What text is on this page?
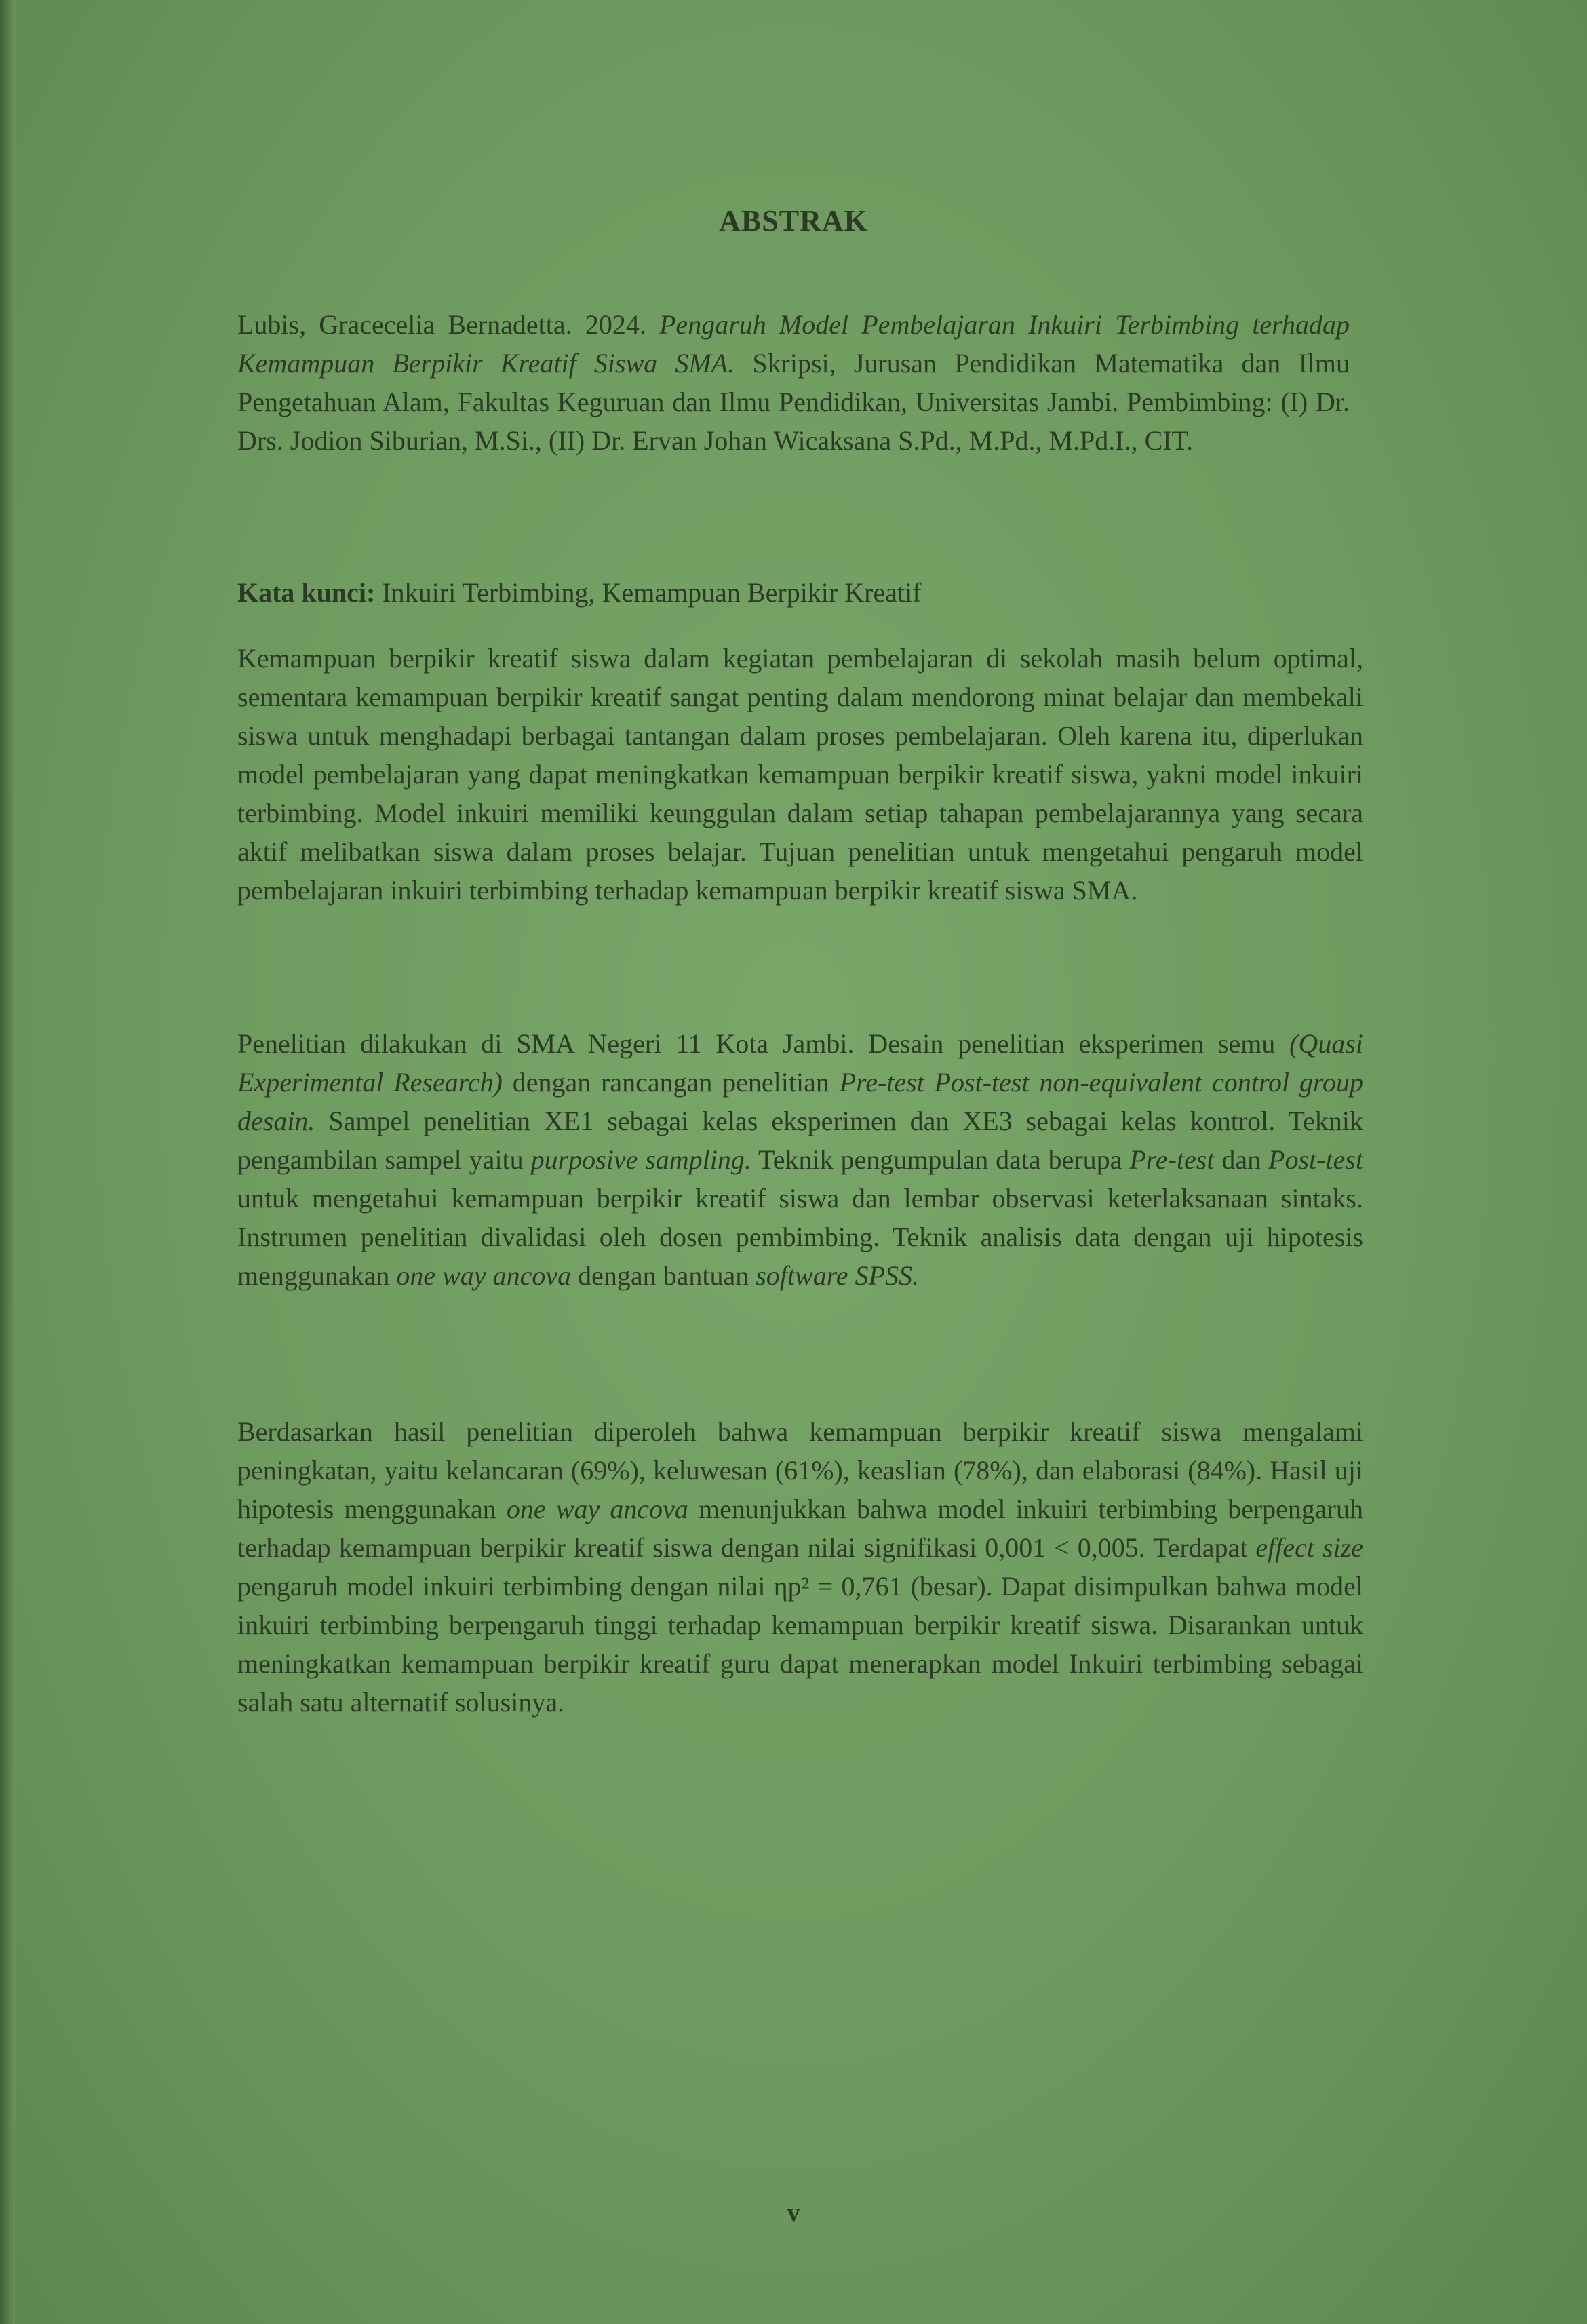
ABSTRAK
Lubis, Gracecelia Bernadetta. 2024. Pengaruh Model Pembelajaran Inkuiri Terbimbing terhadap Kemampuan Berpikir Kreatif Siswa SMA. Skripsi, Jurusan Pendidikan Matematika dan Ilmu Pengetahuan Alam, Fakultas Keguruan dan Ilmu Pendidikan, Universitas Jambi. Pembimbing: (I) Dr. Drs. Jodion Siburian, M.Si., (II) Dr. Ervan Johan Wicaksana S.Pd., M.Pd., M.Pd.I., CIT.
Kata kunci: Inkuiri Terbimbing, Kemampuan Berpikir Kreatif
Kemampuan berpikir kreatif siswa dalam kegiatan pembelajaran di sekolah masih belum optimal, sementara kemampuan berpikir kreatif sangat penting dalam mendorong minat belajar dan membekali siswa untuk menghadapi berbagai tantangan dalam proses pembelajaran. Oleh karena itu, diperlukan model pembelajaran yang dapat meningkatkan kemampuan berpikir kreatif siswa, yakni model inkuiri terbimbing. Model inkuiri memiliki keunggulan dalam setiap tahapan pembelajarannya yang secara aktif melibatkan siswa dalam proses belajar. Tujuan penelitian untuk mengetahui pengaruh model pembelajaran inkuiri terbimbing terhadap kemampuan berpikir kreatif siswa SMA.
Penelitian dilakukan di SMA Negeri 11 Kota Jambi. Desain penelitian eksperimen semu (Quasi Experimental Research) dengan rancangan penelitian Pre-test Post-test non-equivalent control group desain. Sampel penelitian XE1 sebagai kelas eksperimen dan XE3 sebagai kelas kontrol. Teknik pengambilan sampel yaitu purposive sampling. Teknik pengumpulan data berupa Pre-test dan Post-test untuk mengetahui kemampuan berpikir kreatif siswa dan lembar observasi keterlaksanaan sintaks. Instrumen penelitian divalidasi oleh dosen pembimbing. Teknik analisis data dengan uji hipotesis menggunakan one way ancova dengan bantuan software SPSS.
Berdasarkan hasil penelitian diperoleh bahwa kemampuan berpikir kreatif siswa mengalami peningkatan, yaitu kelancaran (69%), keluwesan (61%), keaslian (78%), dan elaborasi (84%). Hasil uji hipotesis menggunakan one way ancova menunjukkan bahwa model inkuiri terbimbing berpengaruh terhadap kemampuan berpikir kreatif siswa dengan nilai signifikasi 0,001 < 0,005. Terdapat effect size pengaruh model inkuiri terbimbing dengan nilai ηp² = 0,761 (besar). Dapat disimpulkan bahwa model inkuiri terbimbing berpengaruh tinggi terhadap kemampuan berpikir kreatif siswa. Disarankan untuk meningkatkan kemampuan berpikir kreatif guru dapat menerapkan model Inkuiri terbimbing sebagai salah satu alternatif solusinya.
v
